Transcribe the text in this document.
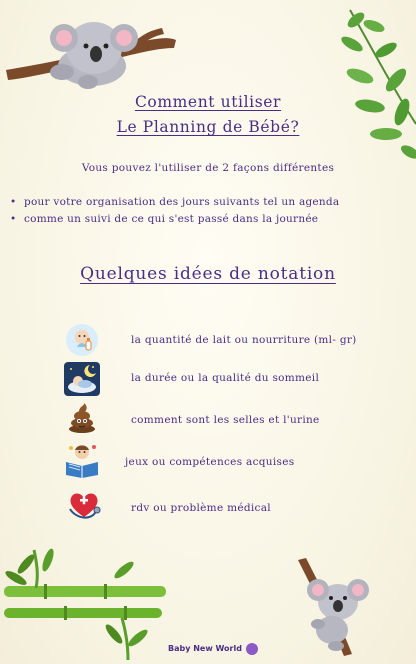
Comment utiliser
Le Planning de Bébé?
Vous pouvez l'utiliser de 2 façons différentes
• pour votre organisation des jours suivants tel un agenda
• comme un suivi de ce qui s'est passé dans la journée
Quelques idées de notation
la quantité de lait ou nourriture (ml- gr)
la durée ou la qualité du sommeil
comment sont les selles et l'urine
jeux ou compétences acquises
rdv ou problème médical
Baby New World
